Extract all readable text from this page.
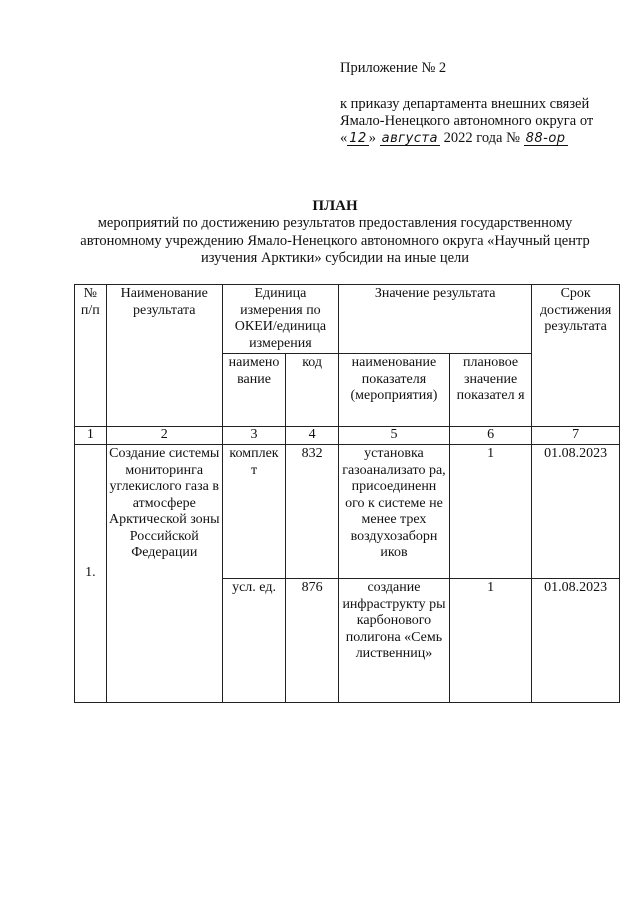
Приложение № 2
к приказу департамента внешних связей
Ямало-Ненецкого автономного округа от
« 12 » августа 2022 года № 88-ор
ПЛАН
мероприятий по достижению результатов предоставления государственному автономному учреждению Ямало-Ненецкого автономного округа «Научный центр изучения Арктики» субсидии на иные цели
№ п/п	Наименование результата	Единица измерения по ОКЕИ/единица измерения		Значение результата		Срок достижения результата
		наимено вание	код	наименование показателя (мероприятия)	плановое значение показател я	
1	2	3	4	5	6	7
1.	Создание системы мониторинга углекислого газа в атмосфере Арктической зоны Российской Федерации	комплек т	832	установка газоанализато ра, присоединенн ого к системе не менее трех воздухозаборн иков	1	01.08.2023
		усл. ед.	876	создание инфраструкту ры карбонового полигона «Семь лиственниц»	1	01.08.2023
